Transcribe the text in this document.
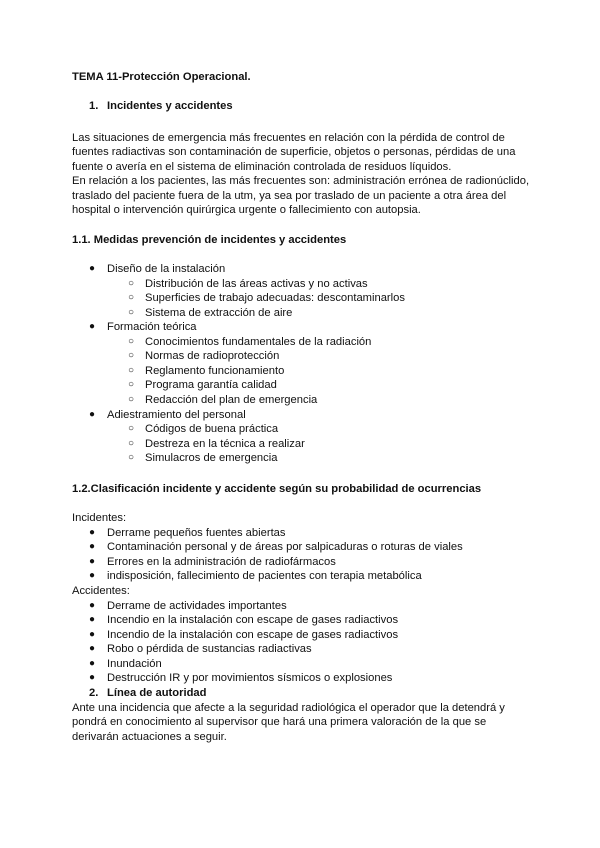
TEMA 11-Protección Operacional.
1. Incidentes y accidentes
Las situaciones de emergencia más frecuentes en relación con la pérdida de control de
fuentes radiactivas son contaminación de superficie, objetos o personas, pérdidas de una
fuente o avería en el sistema de eliminación controlada de residuos líquidos.
En relación a los pacientes, las más frecuentes son: administración errónea de radionúclido,
traslado del paciente fuera de la utm, ya sea por traslado de un paciente a otra área del
hospital o intervención quirúrgica urgente o fallecimiento con autopsia.
1.1. Medidas prevención de incidentes y accidentes
● Diseño de la instalación
○ Distribución de las áreas activas y no activas
○ Superficies de trabajo adecuadas: descontaminarlos
○ Sistema de extracción de aire
● Formación teórica
○ Conocimientos fundamentales de la radiación
○ Normas de radioprotección
○ Reglamento funcionamiento
○ Programa garantía calidad
○ Redacción del plan de emergencia
● Adiestramiento del personal
○ Códigos de buena práctica
○ Destreza en la técnica a realizar
○ Simulacros de emergencia
1.2.Clasificación incidente y accidente según su probabilidad de ocurrencias
Incidentes:
● Derrame pequeños fuentes abiertas
● Contaminación personal y de áreas por salpicaduras o roturas de viales
● Errores en la administración de radiofármacos
● indisposición, fallecimiento de pacientes con terapia metabólica
Accidentes:
● Derrame de actividades importantes
● Incendio en la instalación con escape de gases radiactivos
● Incendio de la instalación con escape de gases radiactivos
● Robo o pérdida de sustancias radiactivas
● Inundación
● Destrucción IR y por movimientos sísmicos o explosiones
2. Línea de autoridad
Ante una incidencia que afecte a la seguridad radiológica el operador que la detendrá y
pondrá en conocimiento al supervisor que hará una primera valoración de la que se
derivarán actuaciones a seguir.
